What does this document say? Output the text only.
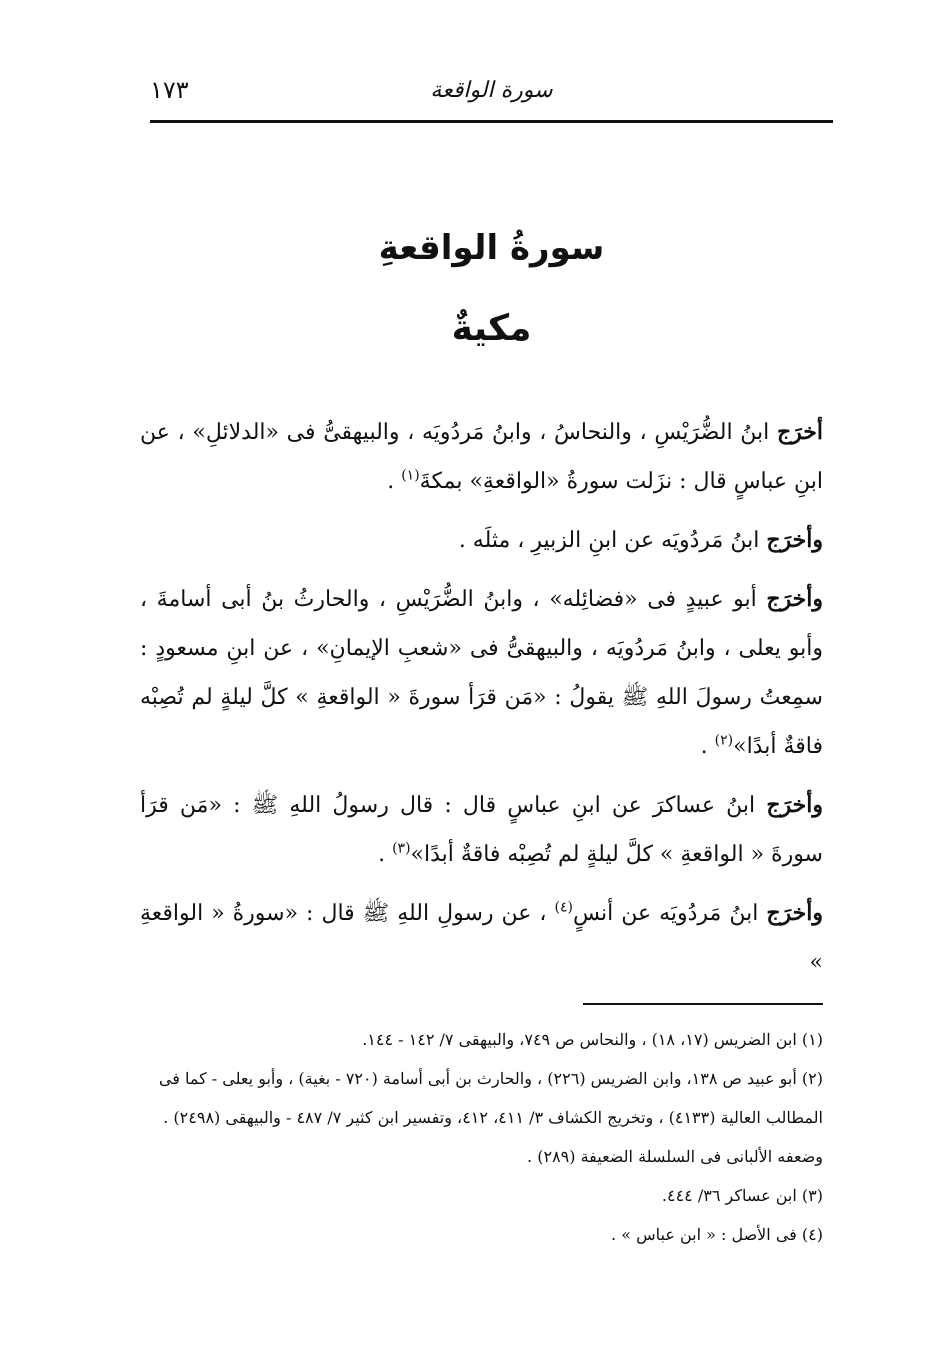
١٧٣	سورة الواقعة
سورةُ الواقعةِ
مكيةٌ

أخرَج ابنُ الضُّرَيْسِ ، والنحاسُ ، وابنُ مَردُويَه ، والبيهقىُّ فى «الدلائلِ» ، عن ابنِ عباسٍ قال : نزَلت سورةُ «الواقعةِ» بمكةَ$^{(١)}$ .

وأخرَج ابنُ مَردُويَه عن ابنِ الزبيرِ ، مثلَه .

وأخرَج أبو عبيدٍ فى «فضائِله» ، وابنُ الضُّرَيْسِ ، والحارثُ بنُ أبى أسامةَ ، وأبو يعلى ، وابنُ مَردُويَه ، والبيهقىُّ فى «شعبِ الإيمانِ» ، عن ابنِ مسعودٍ : سمِعتُ رسولَ اللهِ ﷺ يقولُ : «مَن قرَأ سورةَ « الواقعةِ » كلَّ ليلةٍ لم تُصِبْه فاقةٌ أبدًا»$^{(٢)}$ .

وأخرَج ابنُ عساكرَ عن ابنِ عباسٍ قال : قال رسولُ اللهِ ﷺ : «مَن قرَأ سورةَ « الواقعةِ » كلَّ ليلةٍ لم تُصِبْه فاقةٌ أبدًا»$^{(٣)}$ .

وأخرَج ابنُ مَردُويَه عن أنسٍ$^{(٤)}$ ، عن رسولِ اللهِ ﷺ قال : «سورةُ « الواقعةِ »

(١) ابن الضريس (١٧، ١٨) ، والنحاس ص ٧٤٩، والبيهقى ٧/ ١٤٢ - ١٤٤.

(٢) أبو عبيد ص ١٣٨، وابن الضريس (٢٢٦) ، والحارث بن أبى أسامة (٧٢٠ - بغية) ، وأبو يعلى - كما فى المطالب العالية (٤١٣٣) ، وتخريج الكشاف ٣/ ٤١١، ٤١٢، وتفسير ابن كثير ٧/ ٤٨٧ - والبيهقى (٢٤٩٨) . وضعفه الألبانى فى السلسلة الضعيفة (٢٨٩) .

(٣) ابن عساكر ٣٦/ ٤٤٤.

(٤) فى الأصل : « ابن عباس » .
